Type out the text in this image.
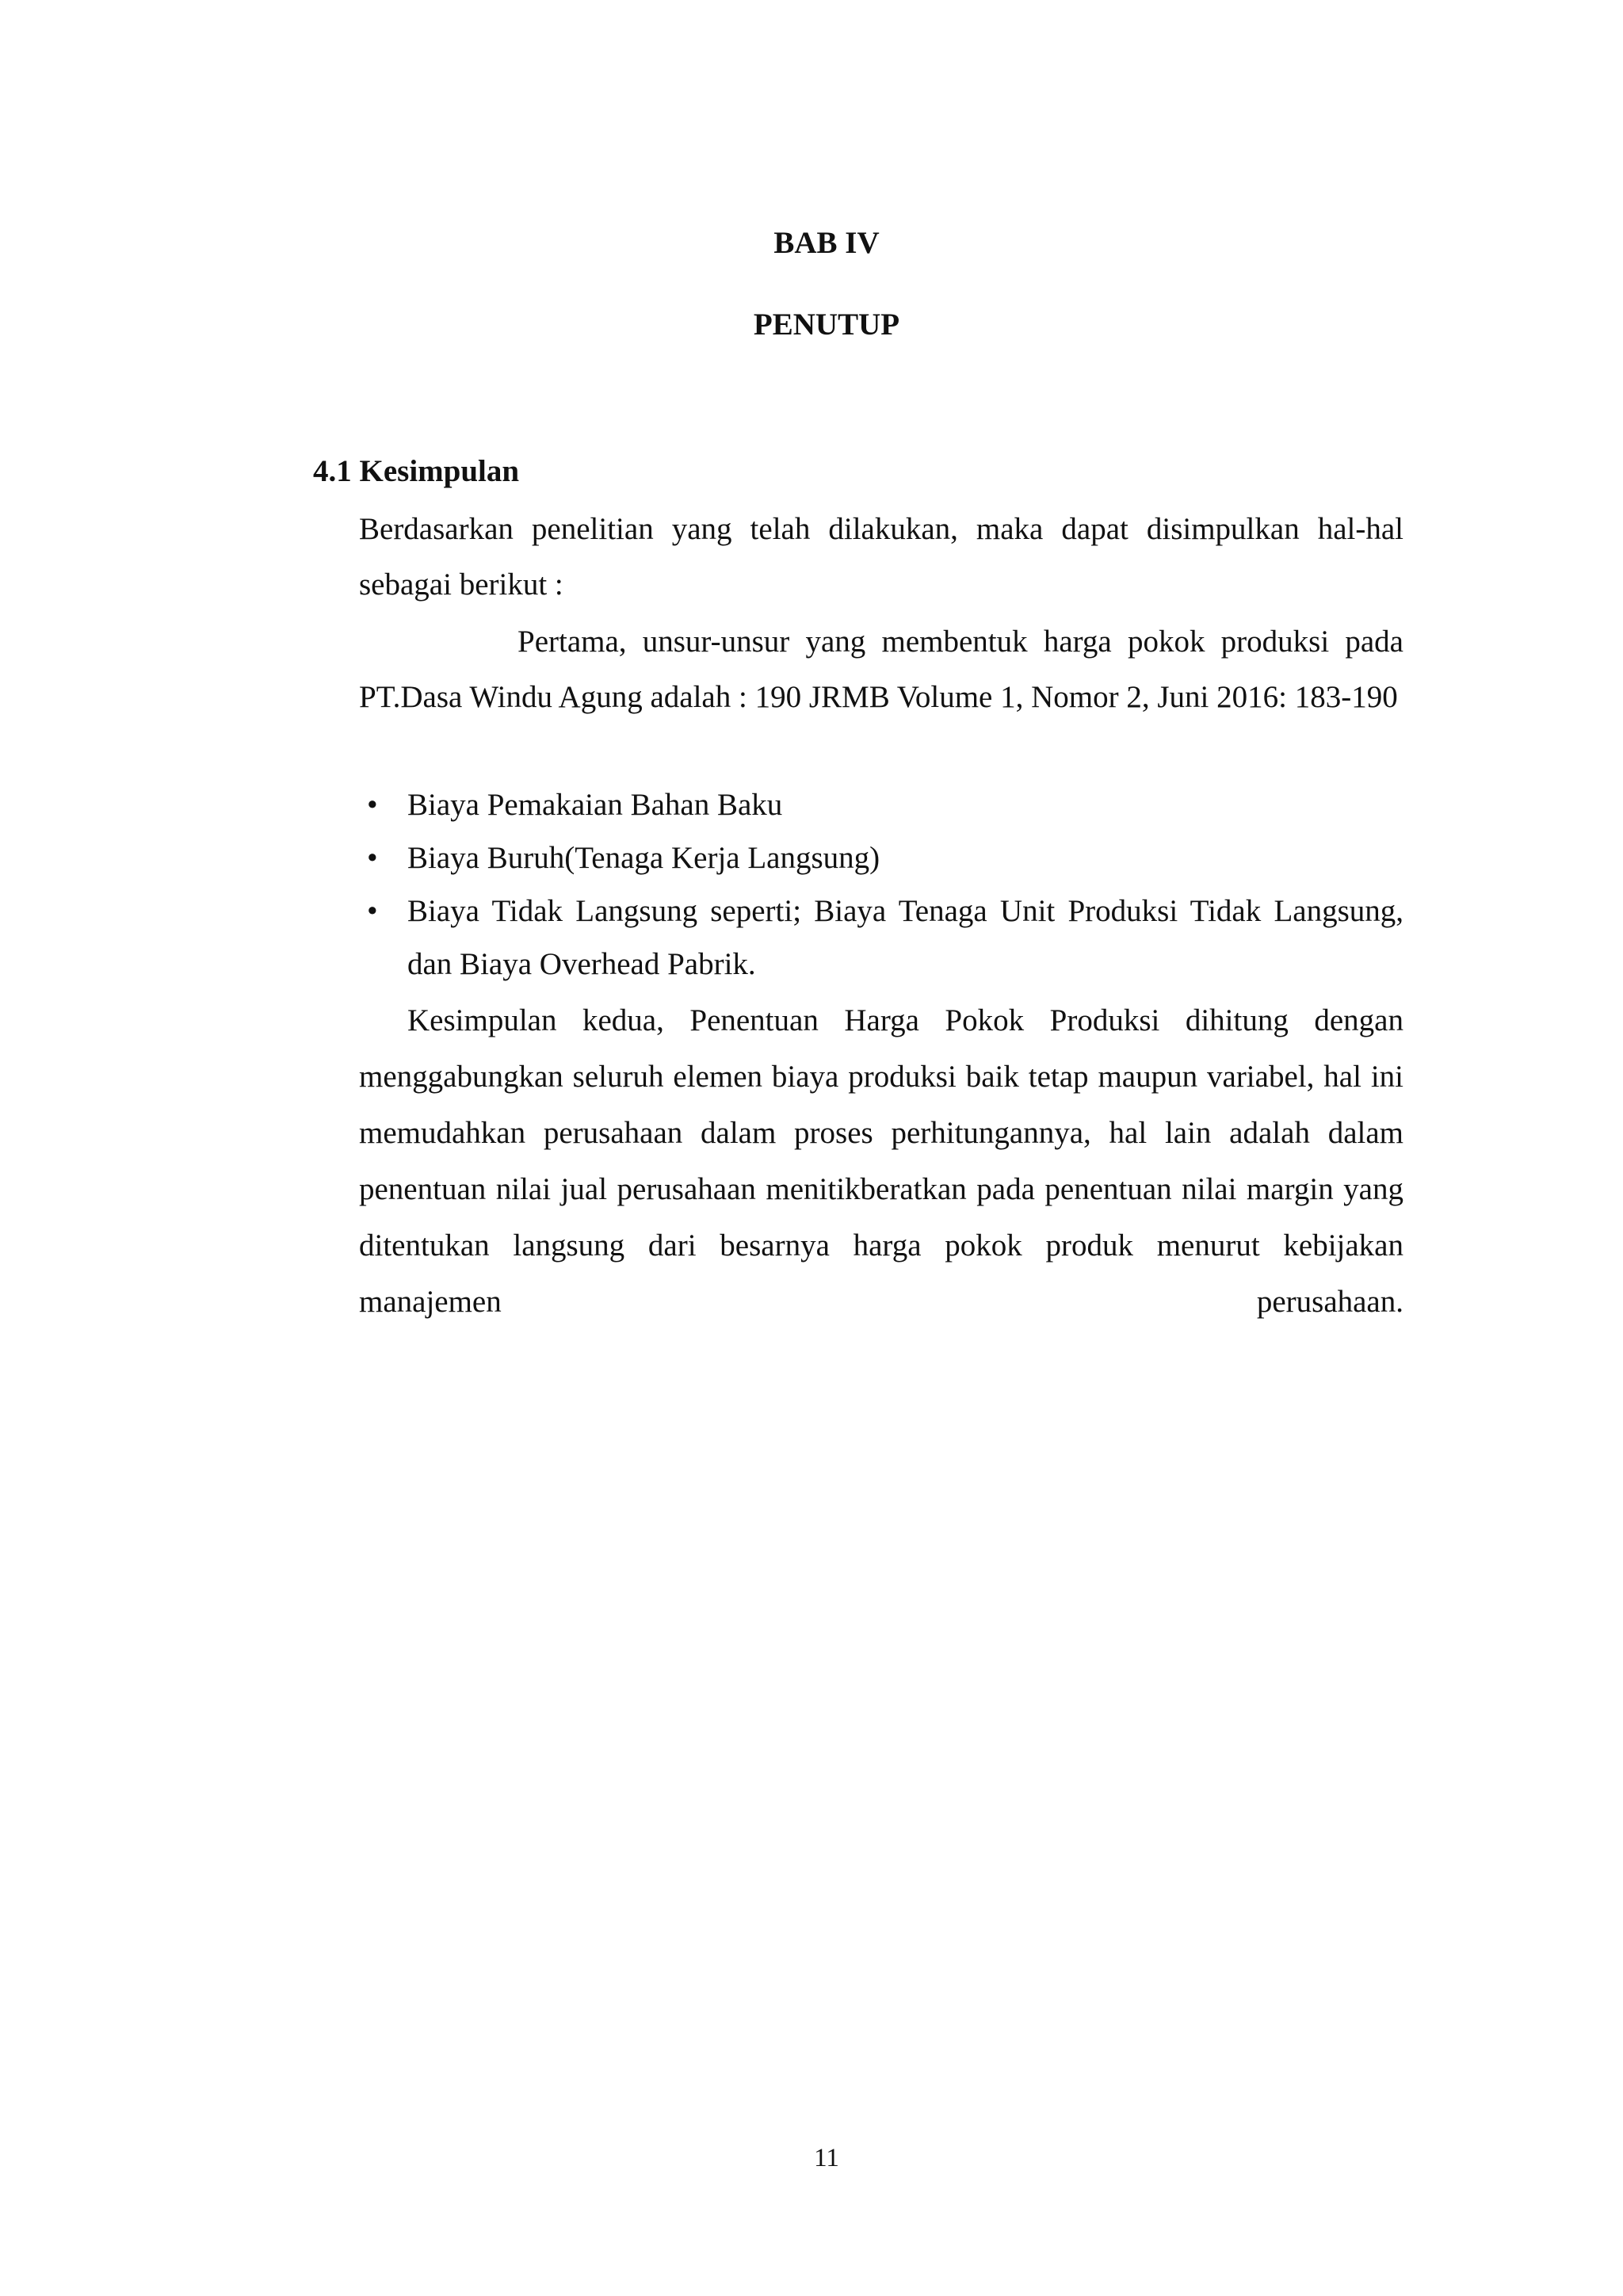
BAB IV
PENUTUP
4.1 Kesimpulan

Berdasarkan penelitian yang telah dilakukan, maka dapat disimpulkan hal-hal sebagai berikut :

Pertama, unsur-unsur yang membentuk harga pokok produksi pada PT.Dasa Windu Agung adalah : 190 JRMB Volume 1, Nomor 2, Juni 2016: 183-190

• Biaya Pemakaian Bahan Baku
• Biaya Buruh(Tenaga Kerja Langsung)
• Biaya Tidak Langsung seperti; Biaya Tenaga Unit Produksi Tidak Langsung, dan Biaya Overhead Pabrik.

Kesimpulan kedua, Penentuan Harga Pokok Produksi dihitung dengan menggabungkan seluruh elemen biaya produksi baik tetap maupun variabel, hal ini memudahkan perusahaan dalam proses perhitungannya, hal lain adalah dalam penentuan nilai jual perusahaan menitikberatkan pada penentuan nilai margin yang ditentukan langsung dari besarnya harga pokok produk menurut kebijakan manajemen perusahaan.

11
